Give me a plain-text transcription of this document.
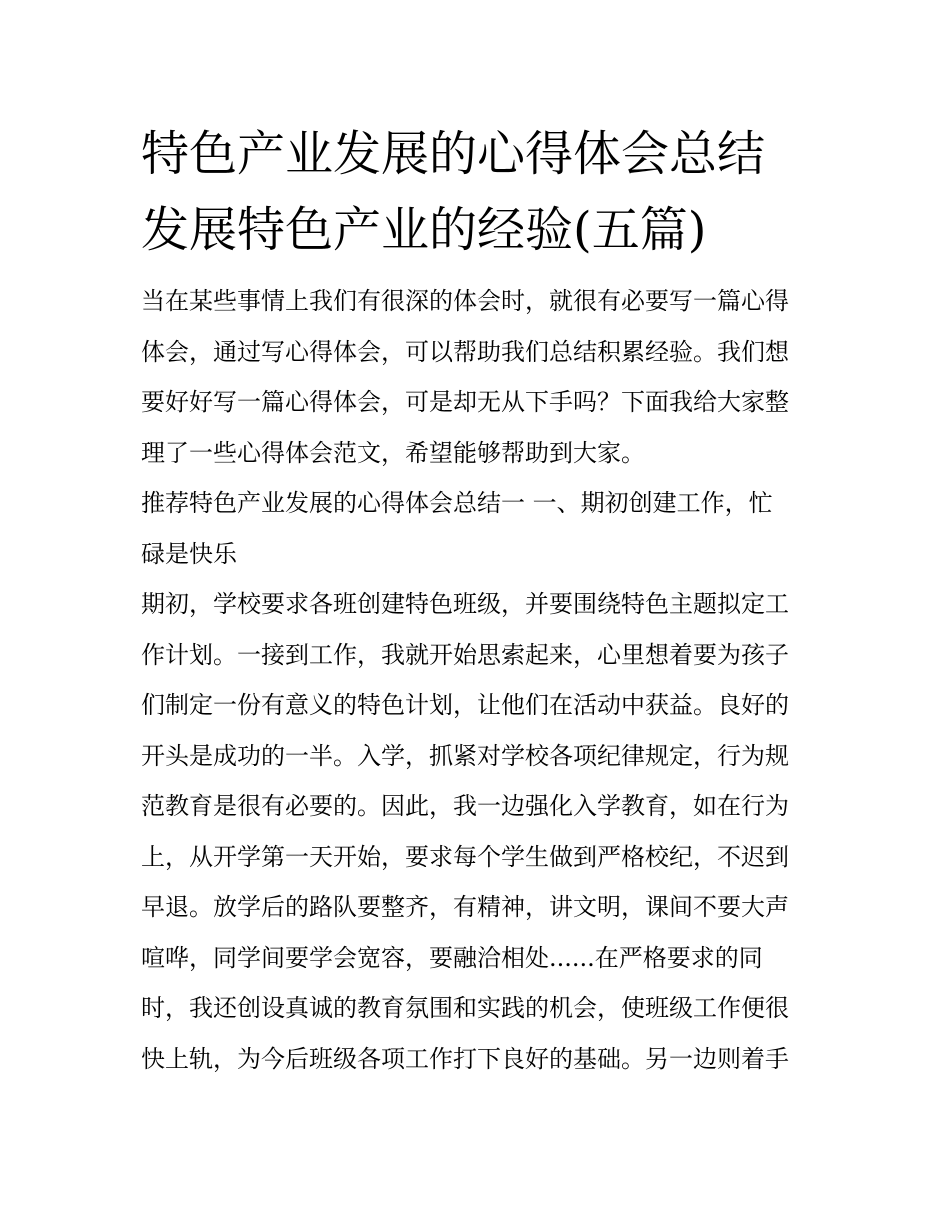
特色产业发展的心得体会总结
发展特色产业的经验(五篇)

当在某些事情上我们有很深的体会时，就很有必要写一篇心得
体会，通过写心得体会，可以帮助我们总结积累经验。我们想
要好好写一篇心得体会，可是却无从下手吗？下面我给大家整
理了一些心得体会范文，希望能够帮助到大家。

推荐特色产业发展的心得体会总结一 一、期初创建工作，忙
碌是快乐

期初，学校要求各班创建特色班级，并要围绕特色主题拟定工
作计划。一接到工作，我就开始思索起来，心里想着要为孩子
们制定一份有意义的特色计划，让他们在活动中获益。良好的
开头是成功的一半。入学，抓紧对学校各项纪律规定，行为规
范教育是很有必要的。因此，我一边强化入学教育，如在行为
上，从开学第一天开始，要求每个学生做到严格校纪，不迟到
早退。放学后的路队要整齐，有精神，讲文明，课间不要大声
喧哗，同学间要学会宽容，要融洽相处......在严格要求的同
时，我还创设真诚的教育氛围和实践的机会，使班级工作便很
快上轨，为今后班级各项工作打下良好的基础。另一边则着手
